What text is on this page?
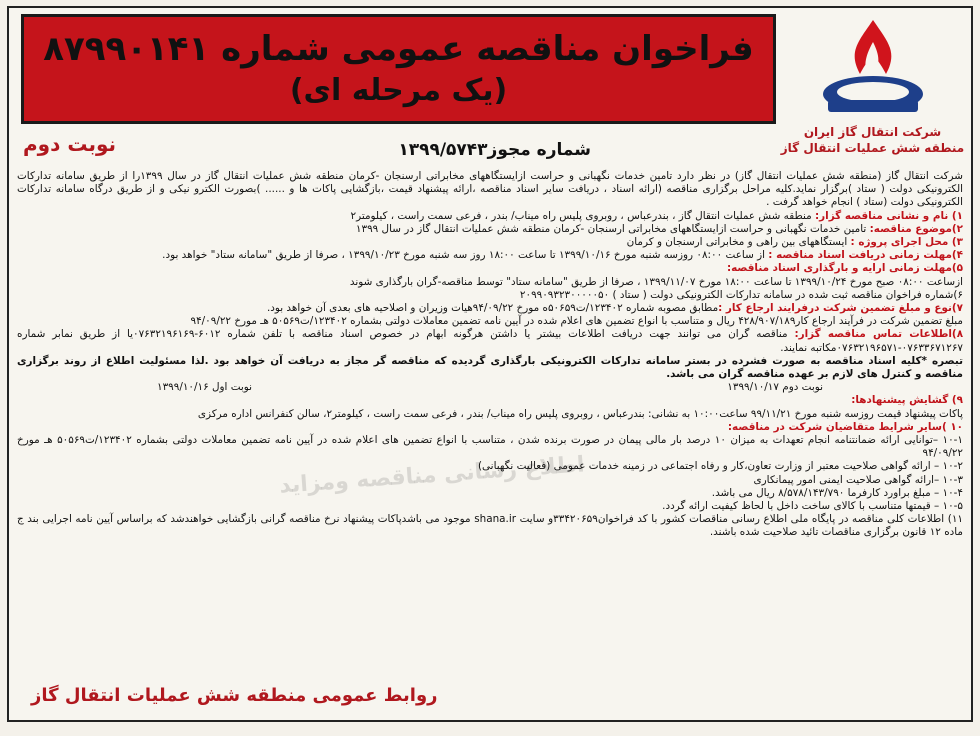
فراخوان مناقصه عمومی شماره ۸۷۹۹۰۱۴۱
(یک مرحله ای)
شرکت انتقال گاز ایران
منطقه شش عملیات انتقال گاز
شماره مجوز۱۳۹۹/۵۷۴۳
نوبت دوم

شرکت انتقال گاز (منطقه شش عملیات انتقال گاز) در نظر دارد تامین خدمات نگهبانی و حراست ازایستگاههای مخابراتی ارسنجان -کرمان منطقه شش عملیات انتقال گاز در سال ۱۳۹۹را از طریق سامانه تدارکات الکترونیکی دولت ( ستاد )برگزار نماید.کلیه مراحل برگزاری مناقصه (ارائه اسناد ، دریافت سایر اسناد مناقصه ،ارائه پیشنهاد قیمت ،بازگشایی پاکات ها و ...... )بصورت الکترو نیکی و از طریق درگاه سامانه تدارکات الکترونیکی دولت (ستاد ) انجام خواهد گرفت .

۱) نام و نشانی مناقصه گزار: منطقه شش عملیات انتقال گاز ، بندرعباس ، روبروی پلیس راه میناب/ بندر ، فرعی سمت راست ، کیلومتر۲

۲)موضوع مناقصه: تامین خدمات نگهبانی و حراست ازایستگاههای مخابراتی ارسنجان -کرمان منطقه شش عملیات انتقال گاز در سال ۱۳۹۹

۳) محل اجرای پروژه : ایستگاههای بین راهی و مخابراتی ارسنجان و کرمان

۴)مهلت زمانی دریافت اسناد مناقصه : از ساعت ۰۸:۰۰ روزسه شنبه مورخ ۱۳۹۹/۱۰/۱۶ تا ساعت ۱۸:۰۰ روز سه شنبه مورخ ۱۳۹۹/۱۰/۲۳ ، صرفا از طریق "سامانه ستاد" خواهد بود.

۵)مهلت زمانی ارایه و بارگذاری اسناد مناقصه:

ازساعت ۰۸:۰۰ صبح مورخ ۱۳۹۹/۱۰/۲۴ تا ساعت ۱۸:۰۰ مورخ ۱۳۹۹/۱۱/۰۷ ، صرفا از طریق "سامانه ستاد" توسط مناقصه-گران بارگذاری شوند

۶)شماره فراخوان مناقصه ثبت شده در سامانه تدارکات الکترونیکی دولت ( ستاد ) ۲۰۹۹۰۹۳۲۳۰۰۰۰۰۵۰

۷)نوع و مبلغ تضمین شرکت درفرایند ارجاع کار :مطابق مصوبه شماره ۱۲۳۴۰۲/ت۵۰۶۵۹ه مورخ ۹۴/۰۹/۲۲هیات وزیران و اصلاحیه های بعدی آن خواهد بود.

مبلغ تضمین شرکت در فرآیند ارجاع کار۴۲۸/۹۰۷/۱۸۹ ریال و متناسب با انواع تضمین های اعلام شده در آیین نامه تضمین معاملات دولتی بشماره ۱۲۳۴۰۲/ت۵۰۵۶۹ هـ مورخ ۹۴/۰۹/۲۲

۸)اطلاعات تماس مناقصه گزار: مناقصه گران می توانند جهت دریافت اطلاعات بیشتر یا داشتن هرگونه ابهام در خصوص اسناد مناقصه با تلفن شماره ۶۰۱۲-۰۷۶۳۲۱۹۶۱۶۹یا از طریق نمابر شماره ۰۷۶۳۳۶۷۱۲۶۷-۰۷۶۳۲۱۹۶۵۷۱مکاتبه نمایند.

تبصره *کلیه اسناد مناقصه به صورت فشرده در بستر سامانه تدارکات الکترونیکی بارگذاری گردیده که مناقصه گر مجاز به دریافت آن خواهد بود .لذا مسئولیت اطلاع از روند برگزاری مناقصه و کنترل های لازم بر عهده مناقصه گران می باشد.

نوبت دوم ۱۳۹۹/۱۰/۱۷
نوبت اول ۱۳۹۹/۱۰/۱۶

۹) گشایش پیشنهادها:

پاکات پیشنهاد قیمت روزسه شنبه مورخ ۹۹/۱۱/۲۱ ساعت۱۰:۰۰ به نشانی: بندرعباس ، روبروی پلیس راه میناب/ بندر ، فرعی سمت راست ، کیلومتر۲، سالن کنفرانس اداره مرکزی

۱۰ )سایر شرایط متقاضیان شرکت در مناقصه:

۱۰-۱ –توانایی ارائه ضمانتنامه انجام تعهدات به میزان ۱۰ درصد بار مالی پیمان در صورت برنده شدن ، متناسب با انواع تضمین های اعلام شده در آیین نامه تضمین معاملات دولتی بشماره ۱۲۳۴۰۲/ت۵۰۵۶۹ هـ مورخ ۹۴/۰۹/۲۲

۱۰-۲ – ارائه گواهی صلاحیت معتبر از وزارت تعاون،کار و رفاه اجتماعی در زمینه خدمات عمومی (فعالیت نگهبانی)

۱۰-۳ –ارائه گواهی صلاحیت ایمنی امور پیمانکاری

۱۰-۴ – مبلغ براورد کارفرما ۸/۵۷۸/۱۴۳/۷۹۰ ریال می باشد.

۱۰-۵ – قیمتها متناسب با کالای ساخت داخل با لحاظ کیفیت ارائه گردد.

۱۱) اطلاعات کلی مناقصه در پایگاه ملی اطلاع رسانی مناقصات کشور با کد فراخوان۳۳۴۲۰۶۵۹و سایت shana.ir موجود می باشدپاکات پیشنهاد نرخ مناقصه گرانی بازگشایی خواهندشد که براساس آیین نامه اجرایی بند ج ماده ۱۲ قانون برگزاری مناقصات تائید صلاحیت شده باشند.

اطلاع رسانی مناقصه ومزاید
روابط عمومی منطقه شش عملیات انتقال گاز
